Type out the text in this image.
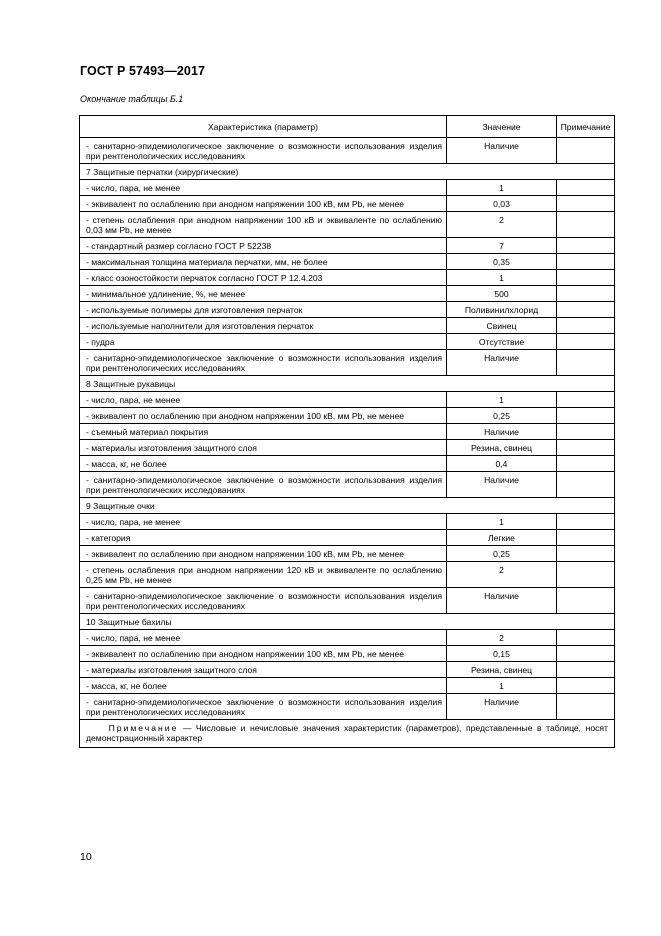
ГОСТ Р 57493—2017
Окончание таблицы Б.1
Характеристика (параметр)	Значение	Примечание
- санитарно-эпидемиологическое заключение о возможности использования изделия при рентгенологических исследованиях	Наличие	
7 Защитные перчатки (хирургические)		
- число, пара, не менее	1	
- эквивалент по ослаблению при анодном напряжении 100 кВ, мм Pb, не менее	0,03	
- степень ослабления при анодном напряжении 100 кВ и эквиваленте по ослаблению 0,03 мм Pb, не менее	2	
- стандартный размер согласно ГОСТ Р 52238	7	
- максимальная толщина материала перчатки, мм, не более	0,35	
- класс озоностойкости перчаток согласно ГОСТ Р 12.4.203	1	
- минимальное удлинение, %, не менее	500	
- используемые полимеры для изготовления перчаток	Поливинилхлорид	
- используемые наполнители для изготовления перчаток	Свинец	
- пудра	Отсутствие	
- санитарно-эпидемиологическое заключение о возможности использования изделия при рентгенологических исследованиях	Наличие	
8 Защитные рукавицы		
- число, пара, не менее	1	
- эквивалент по ослаблению при анодном напряжении 100 кВ, мм Pb, не менее	0,25	
- съемный материал покрытия	Наличие	
- материалы изготовления защитного слоя	Резина, свинец	
- масса, кг, не более	0,4	
- санитарно-эпидемиологическое заключение о возможности использования изделия при рентгенологических исследованиях	Наличие	
9 Защитные очки		
- число, пара, не менее	1	
- категория	Легкие	
- эквивалент по ослаблению при анодном напряжении 100 кВ, мм Pb, не менее	0,25	
- степень ослабления при анодном напряжении 120 кВ и эквиваленте по ослаблению 0,25 мм Pb, не менее	2	
- санитарно-эпидемиологическое заключение о возможности использования изделия при рентгенологических исследованиях	Наличие	
10 Защитные бахилы		
- число, пара, не менее	2	
- эквивалент по ослаблению при анодном напряжении 100 кВ, мм Pb, не менее	0,15	
- материалы изготовления защитного слоя	Резина, свинец	
- масса, кг, не более	1	
- санитарно-эпидемиологическое заключение о возможности использования изделия при рентгенологических исследованиях	Наличие	
Примечание — Числовые и нечисловые значения характеристик (параметров), представленные в таблице, носят демонстрационный характер		
10
